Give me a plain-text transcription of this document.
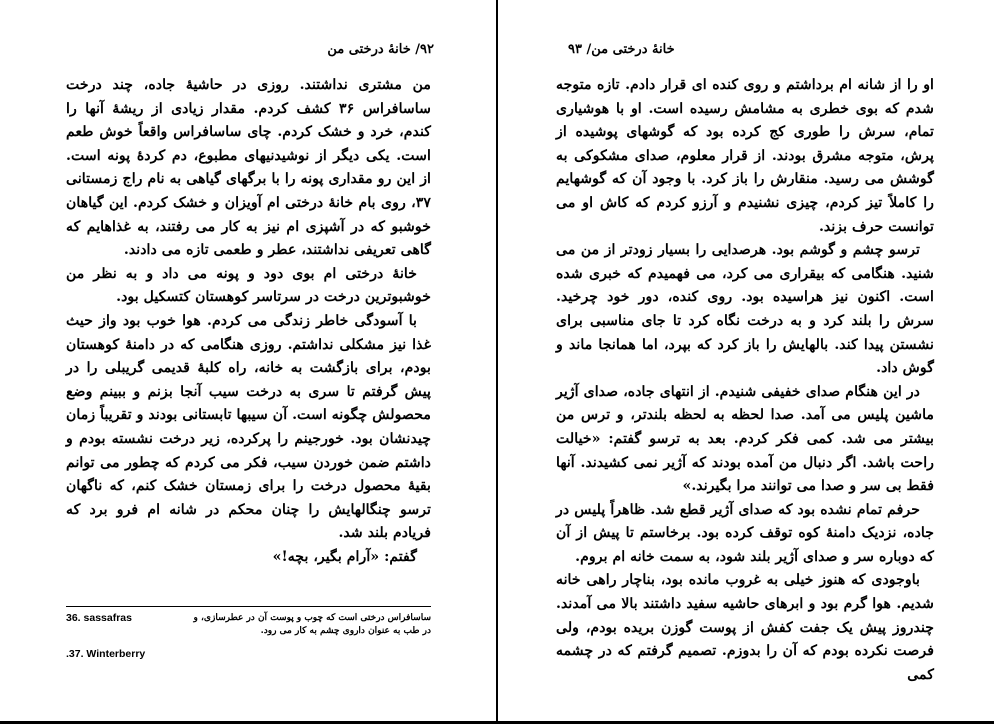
۹۲/ خانهٔ درختی من	خانهٔ درختی من/ ۹۳

من مشتری نداشتند. روزی در حاشیهٔ جاده، چند درخت ساسافراس ۳۶ کشف کردم. مقدار زیادی از ریشهٔ آنها را کندم، خرد و خشک کردم. چای ساسافراس واقعاً خوش طعم است. یکی دیگر از نوشیدنیهای مطبوع، دم کردهٔ پونه است. از این رو مقداری پونه را با برگهای گیاهی به نام راج زمستانی ۳۷، روی بام خانهٔ درختی ام آویزان و خشک کردم. این گیاهان خوشبو که در آشپزی ام نیز به کار می رفتند، به غذاهایم که گاهی تعریفی نداشتند، عطر و طعمی تازه می دادند.

خانهٔ درختی ام بوی دود و پونه می داد و به نظر من خوشبوترین درخت در سرتاسر کوهستان کتسکیل بود.

با آسودگی خاطر زندگی می کردم. هوا خوب بود واز حیث غذا نیز مشکلی نداشتم. روزی هنگامی که در دامنهٔ کوهستان بودم، برای بازگشت به خانه، راه کلبهٔ قدیمی گریبلی را در پیش گرفتم تا سری به درخت سیب آنجا بزنم و ببینم وضع محصولش چگونه است. آن سیبها تابستانی بودند و تقریباً زمان چیدنشان بود. خورجینم را پرکرده، زیر درخت نشسته بودم و داشتم ضمن خوردن سیب، فکر می کردم که چطور می توانم بقیهٔ محصول درخت را برای زمستان خشک کنم، که ناگهان ترسو چنگالهایش را چنان محکم در شانه ام فرو برد که فریادم بلند شد.

گفتم: «آرام بگیر، بچه!»

36. sassafras	ساسافراس درختی است که چوب و پوست آن در عطرسازی، و در طب به عنوان داروی چشم به کار می رود.
.37. Winterberry

او را از شانه ام برداشتم و روی کنده ای قرار دادم. تازه متوجه شدم که بوی خطری به مشامش رسیده است. او با هوشیاری تمام، سرش را طوری کج کرده بود که گوشهای پوشیده از پرش، متوجه مشرق بودند. از قرار معلوم، صدای مشکوکی به گوشش می رسید. منقارش را باز کرد. با وجود آن که گوشهایم را کاملاً تیز کردم، چیزی نشنیدم و آرزو کردم که کاش او می توانست حرف بزند.

ترسو چشم و گوشم بود. هرصدایی را بسیار زودتر از من می شنید. هنگامی که بیقراری می کرد، می فهمیدم که خبری شده است. اکنون نیز هراسیده بود. روی کنده، دور خود چرخید. سرش را بلند کرد و به درخت نگاه کرد تا جای مناسبی برای نشستن پیدا کند. بالهایش را باز کرد که بپرد، اما همانجا ماند و گوش داد.

در این هنگام صدای خفیفی شنیدم. از انتهای جاده، صدای آژیر ماشین پلیس می آمد. صدا لحظه به لحظه بلندتر، و ترس من بیشتر می شد. کمی فکر کردم. بعد به ترسو گفتم: «خیالت راحت باشد. اگر دنبال من آمده بودند که آژیر نمی کشیدند. آنها فقط بی سر و صدا می توانند مرا بگیرند.»

حرفم تمام نشده بود که صدای آژیر قطع شد. ظاهراً پلیس در جاده، نزدیک دامنهٔ کوه توقف کرده بود. برخاستم تا پیش از آن که دوباره سر و صدای آژیر بلند شود، به سمت خانه ام بروم.

باوجودی که هنوز خیلی به غروب مانده بود، بناچار راهی خانه شدیم. هوا گرم بود و ابرهای حاشیه سفید داشتند بالا می آمدند. چندروز پیش یک جفت کفش از پوست گوزن بریده بودم، ولی فرصت نکرده بودم که آن را بدوزم. تصمیم گرفتم که در چشمه کمی
